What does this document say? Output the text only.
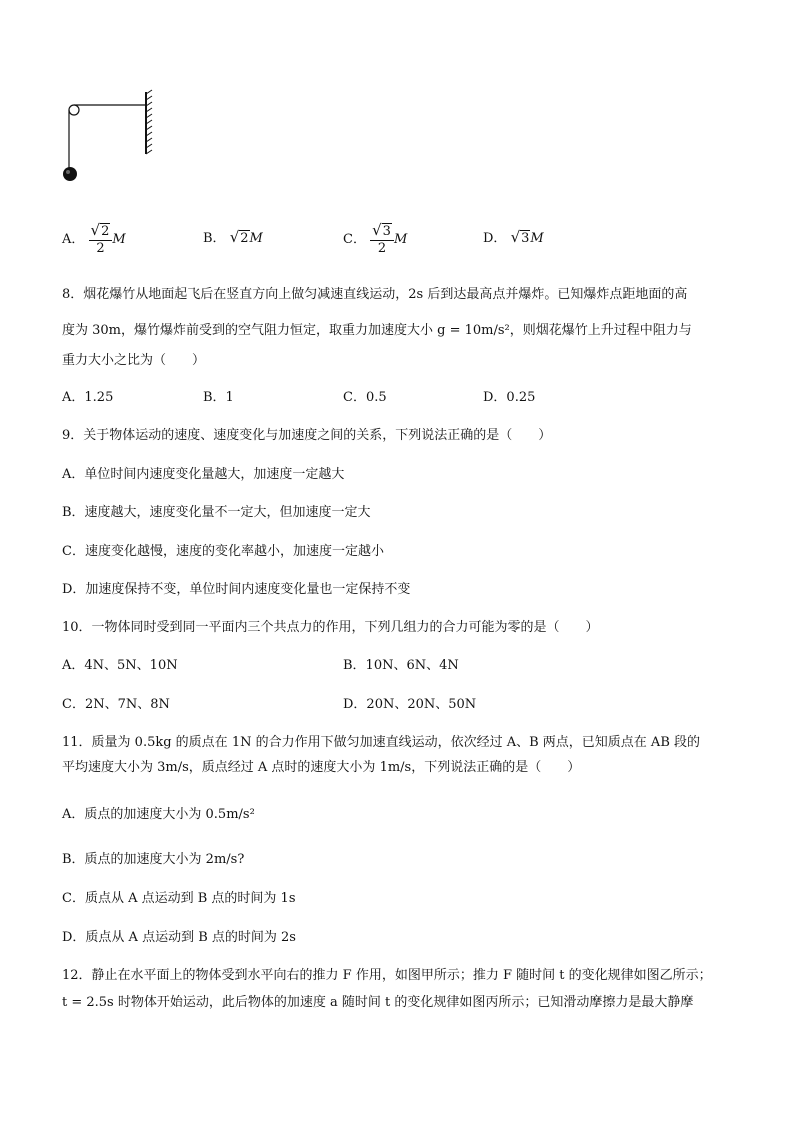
A． $\frac{√2}{2}$ M	B． √2M	C． $\frac{√3}{2}$ M	D． √3M
8．烟花爆竹从地面起飞后在竖直方向上做匀减速直线运动，2s 后到达最高点并爆炸。已知爆炸点距地面的高
度为 30m，爆竹爆炸前受到的空气阻力恒定，取重力加速度大小 g = 10m/s²，则烟花爆竹上升过程中阻力与
重力大小之比为（　　）
A．1.25	B．1	C．0.5	D．0.25
9．关于物体运动的速度、速度变化与加速度之间的关系，下列说法正确的是（　　）
A．单位时间内速度变化量越大，加速度一定越大
B．速度越大，速度变化量不一定大，但加速度一定大
C．速度变化越慢，速度的变化率越小，加速度一定越小
D．加速度保持不变，单位时间内速度变化量也一定保持不变
10．一物体同时受到同一平面内三个共点力的作用，下列几组力的合力可能为零的是（　　）
A．4N、5N、10N	B．10N、6N、4N
C．2N、7N、8N	D．20N、20N、50N
11．质量为 0.5kg 的质点在 1N 的合力作用下做匀加速直线运动，依次经过 A、B 两点，已知质点在 AB 段的
平均速度大小为 3m/s，质点经过 A 点时的速度大小为 1m/s，下列说法正确的是（　　）
A．质点的加速度大小为 0.5m/s²
B．质点的加速度大小为 2m/s?
C．质点从 A 点运动到 B 点的时间为 1s
D．质点从 A 点运动到 B 点的时间为 2s
12．静止在水平面上的物体受到水平向右的推力 F 作用，如图甲所示；推力 F 随时间 t 的变化规律如图乙所示；
t = 2.5s 时物体开始运动，此后物体的加速度 a 随时间 t 的变化规律如图丙所示；已知滑动摩擦力是最大静摩
